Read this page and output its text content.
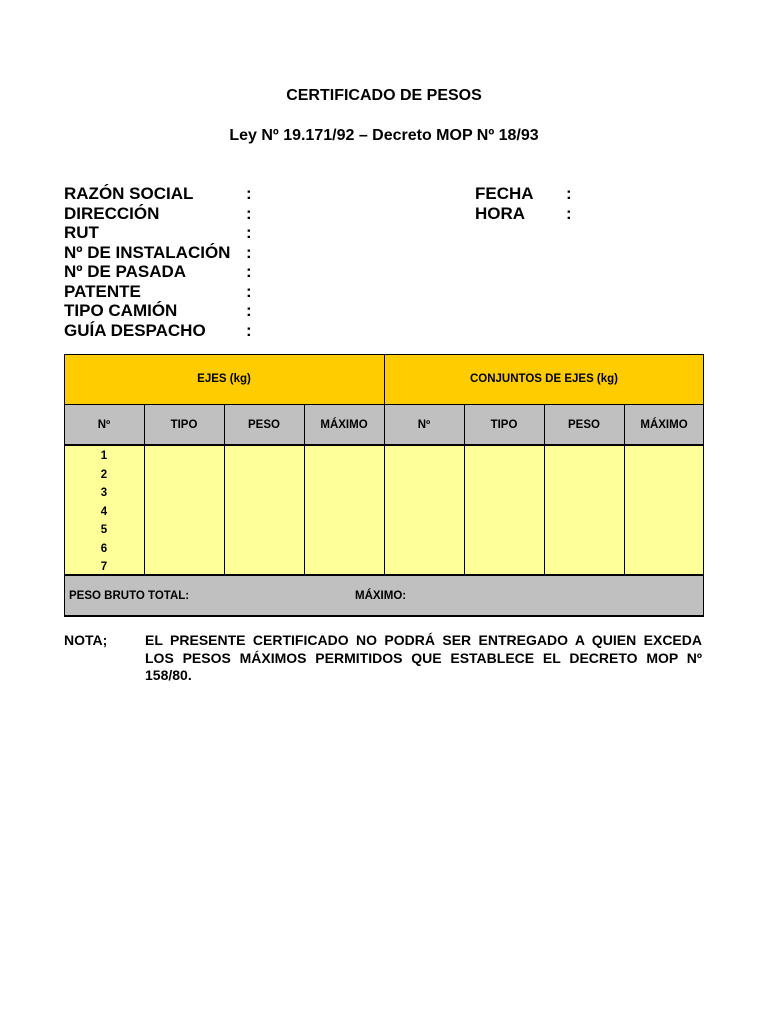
CERTIFICADO DE PESOS
Ley Nº 19.171/92 – Decreto MOP Nº 18/93
RAZÓN SOCIAL	:
DIRECCIÓN	:
RUT	:
Nº DE INSTALACIÓN :
Nº DE PASADA	:
PATENTE	:
TIPO CAMIÓN	:
GUÍA DESPACHO :
FECHA :
HORA :
EJES (kg)	CONJUNTOS DE EJES (kg)
Nº	TIPO	PESO	MÁXIMO	Nº	TIPO	PESO	MÁXIMO
1
2
3
4
5
6
7
PESO BRUTO TOTAL:	MÁXIMO:
NOTA;	EL PRESENTE CERTIFICADO NO PODRÁ SER ENTREGADO A QUIEN EXCEDA LOS PESOS MÁXIMOS PERMITIDOS QUE ESTABLECE EL DECRETO MOP Nº 158/80.
